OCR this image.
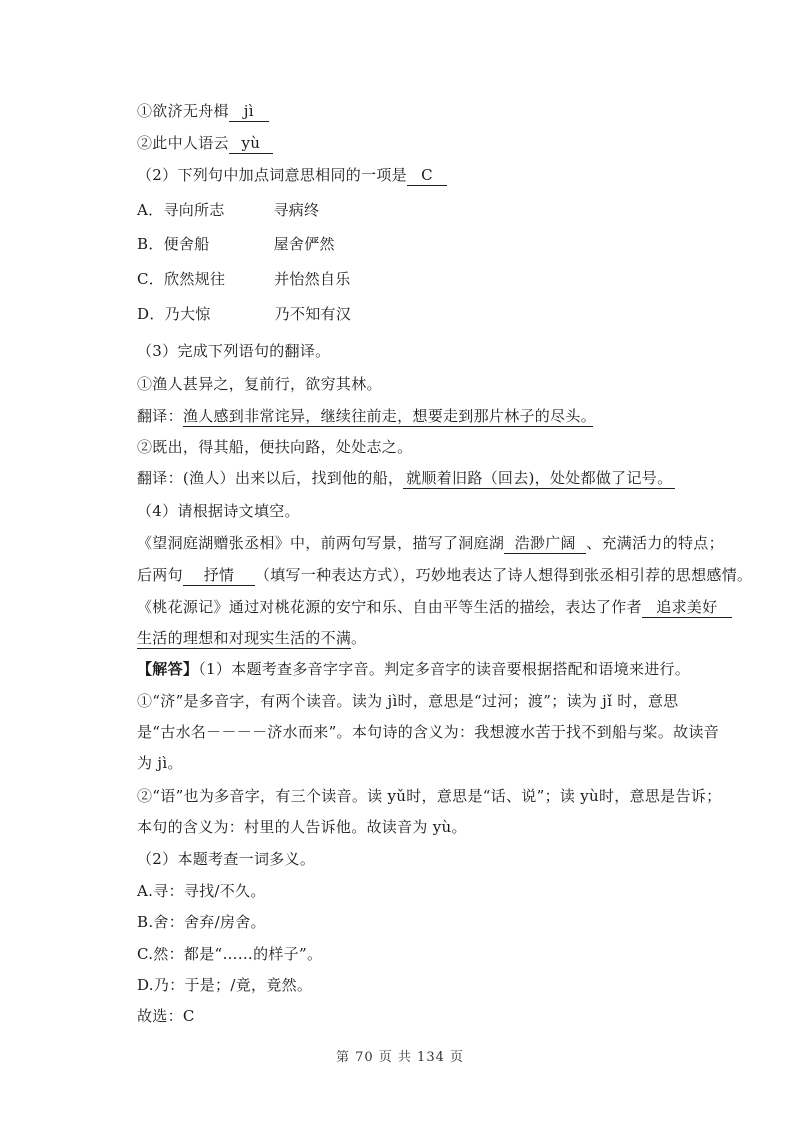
①欲济无舟楫 jì
②此中人语云 yù
（2）下列句中加点词意思相同的一项是 C
A．寻向所志	寻病终
B．便舍船	屋舍俨然
C．欣然规往	并怡然自乐
D．乃大惊	乃不知有汉
（3）完成下列语句的翻译。
①渔人甚异之，复前行，欲穷其林。
翻译：渔人感到非常诧异，继续往前走，想要走到那片林子的尽头。
②既出，得其船，便扶向路，处处志之。
翻译：(渔人）出来以后，找到他的船， 就顺着旧路（回去)，处处都做了记号。
（4）请根据诗文填空。
《望洞庭湖赠张丞相》中，前两句写景，描写了洞庭湖 浩渺广阔 、充满活力的特点；
后两句 抒情 （填写一种表达方式），巧妙地表达了诗人想得到张丞相引荐的思想感情。
《桃花源记》通过对桃花源的安宁和乐、自由平等生活的描绘，表达了作者 追求美好
生活的理想和对现实生活的不满。
【解答】（1）本题考查多音字字音。判定多音字的读音要根据搭配和语境来进行。
①“济”是多音字，有两个读音。读为 jì时，意思是“过河；渡”；读为 jǐ 时，意思
是“古水名－－－－济水而来”。本句诗的含义为：我想渡水苦于找不到船与桨。故读音
为 jì。
②“语”也为多音字，有三个读音。读 yǔ时，意思是“话、说”；读 yù时，意思是告诉；
本句的含义为：村里的人告诉他。故读音为 yù。
（2）本题考查一词多义。
A.寻：寻找/不久。
B.舍：舍弃/房舍。
C.然：都是“……的样子”。
D.乃：于是；/竟，竟然。
故选：C
第 70 页 共 134 页
